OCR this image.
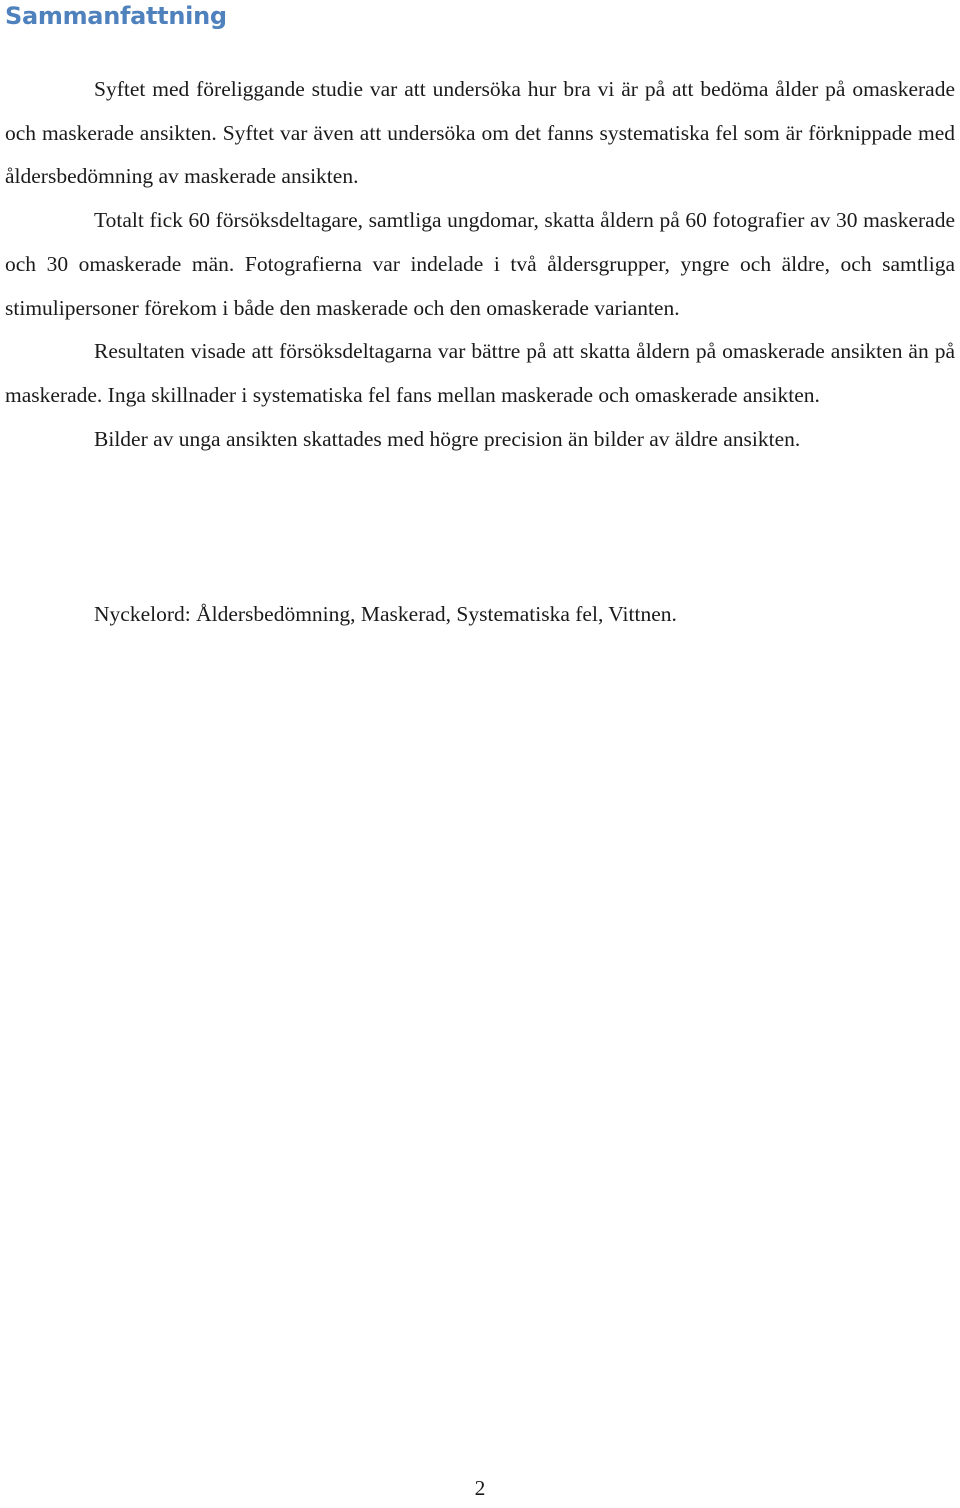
Sammanfattning

Syftet med föreliggande studie var att undersöka hur bra vi är på att bedöma ålder på omaskerade och maskerade ansikten. Syftet var även att undersöka om det fanns systematiska fel som är förknippade med åldersbedömning av maskerade ansikten.

Totalt fick 60 försöksdeltagare, samtliga ungdomar, skatta åldern på 60 fotografier av 30 maskerade och 30 omaskerade män. Fotografierna var indelade i två åldersgrupper, yngre och äldre, och samtliga stimulipersoner förekom i både den maskerade och den omaskerade varianten.

Resultaten visade att försöksdeltagarna var bättre på att skatta åldern på omaskerade ansikten än på maskerade. Inga skillnader i systematiska fel fans mellan maskerade och omaskerade ansikten.

Bilder av unga ansikten skattades med högre precision än bilder av äldre ansikten.

Nyckelord: Åldersbedömning, Maskerad, Systematiska fel, Vittnen.

2
